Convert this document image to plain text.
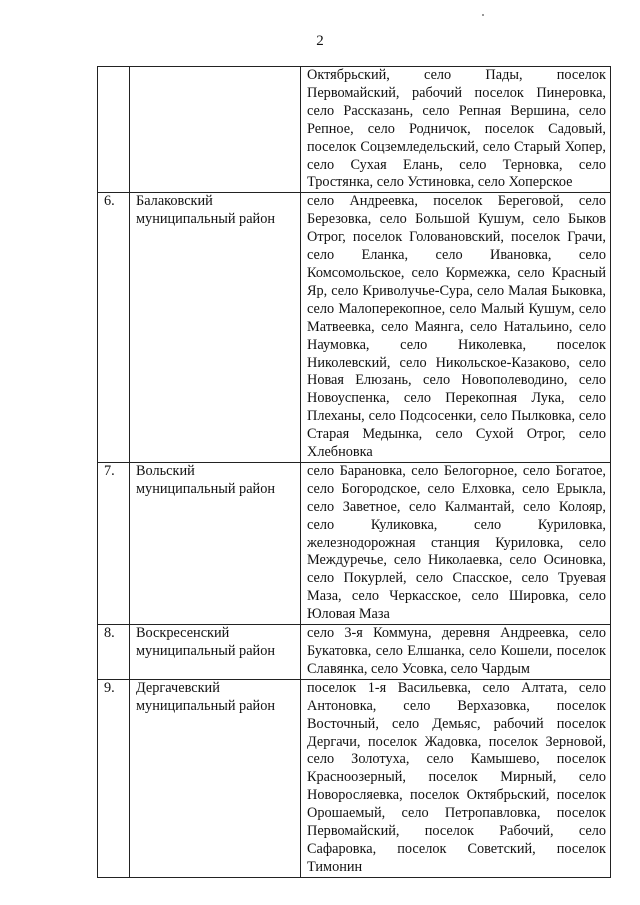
2
		Октябрьский, село Пады, поселок Первомайский, рабочий поселок Пинеровка, село Рассказань, село Репная Вершина, село Репное, село Родничок, поселок Садовый, поселок Соцземледельский, село Старый Хопер, село Сухая Елань, село Терновка, село Тростянка, село Устиновка, село Хоперское
6.	Балаковский муниципальный район	село Андреевка, поселок Береговой, село Березовка, село Большой Кушум, село Быков Отрог, поселок Головановский, поселок Грачи, село Еланка, село Ивановка, село Комсомольское, село Кормежка, село Красный Яр, село Криволучье-Сура, село Малая Быковка, село Малоперекопное, село Малый Кушум, село Матвеевка, село Маянга, село Натальино, село Наумовка, село Николевка, поселок Николевский, село Никольское-Казаково, село Новая Елюзань, село Новополеводино, село Новоуспенка, село Перекопная Лука, село Плеханы, село Подсосенки, село Пылковка, село Старая Медынка, село Сухой Отрог, село Хлебновка
7.	Вольский муниципальный район	село Барановка, село Белогорное, село Богатое, село Богородское, село Елховка, село Ерыкла, село Заветное, село Калмантай, село Колояр, село Куликовка, село Куриловка, железнодорожная станция Куриловка, село Междуречье, село Николаевка, село Осиновка, село Покурлей, село Спасское, село Труевая Маза, село Черкасское, село Шировка, село Юловая Маза
8.	Воскресенский муниципальный район	село 3-я Коммуна, деревня Андреевка, село Букатовка, село Елшанка, село Кошели, поселок Славянка, село Усовка, село Чардым
9.	Дергачевский муниципальный район	поселок 1-я Васильевка, село Алтата, село Антоновка, село Верхазовка, поселок Восточный, село Демьяс, рабочий поселок Дергачи, поселок Жадовка, поселок Зерновой, село Золотуха, село Камышево, поселок Красноозерный, поселок Мирный, село Новоросляевка, поселок Октябрьский, поселок Орошаемый, село Петропавловка, поселок Первомайский, поселок Рабочий, село Сафаровка, поселок Советский, поселок Тимонин
